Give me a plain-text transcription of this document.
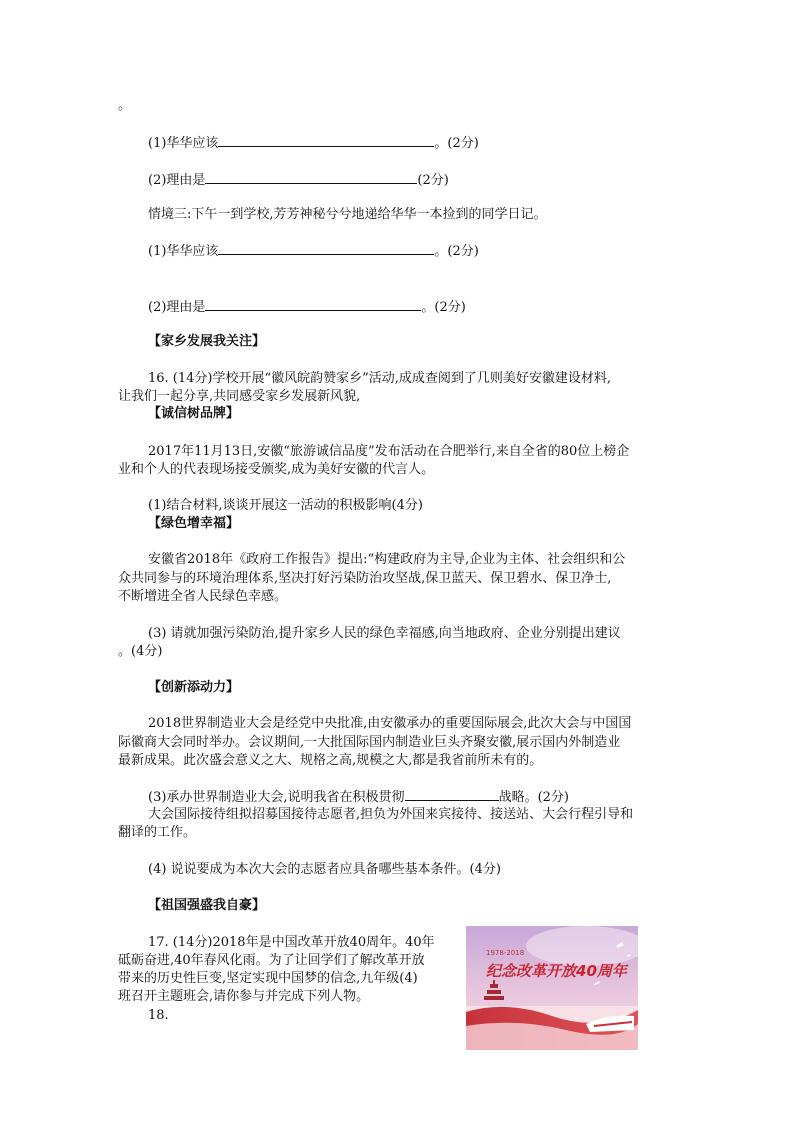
。
(1)华华应该	。(2分)
(2)理由是	(2分)
情境三:下午一到学校,芳芳神秘兮兮地递给华华一本捡到的同学日记。
(1)华华应该	。(2分)
(2)理由是	。(2分)
【家乡发展我关注】
16. (14分)学校开展“徽风皖韵赞家乡”活动,成成查阅到了几则美好安徽建设材料,
让我们一起分享,共同感受家乡发展新风貌,
【诚信树品牌】
2017年11月13日,安徽“旅游诚信品度”发布活动在合肥举行,来自全省的80位上榜企
业和个人的代表现场接受颁奖,成为美好安徽的代言人。
(1)结合材料,谈谈开展这一活动的积极影响(4分)
【绿色增幸福】
安徽省2018年《政府工作报告》提出:“构建政府为主导,企业为主体、社会组织和公
众共同参与的环境治理体系,坚决打好污染防治攻坚战,保卫蓝天、保卫碧水、保卫净士,
不断增进全省人民绿色幸感。
(3) 请就加强污染防治,提升家乡人民的绿色幸福感,向当地政府、企业分别提出建议
。(4分)
【创新添动力】
2018世界制造业大会是经党中央批准,由安徽承办的重要国际展会,此次大会与中国国
际徽商大会同时举办。会议期间,一大批国际国内制造业巨头齐聚安徽,展示国内外制造业
最新成果。此次盛会意义之大、规格之高,规模之大,都是我省前所未有的。
(3)承办世界制造业大会,说明我省在积极贯彻	战略。(2分)
大会国际接待组拟招募国接待志愿者,担负为外国来宾接待、接送站、大会行程引导和
翻译的工作。
(4) 说说要成为本次大会的志愿者应具备哪些基本条件。(4分)
【祖国强盛我自豪】
17. (14分)2018年是中国改革开放40周年。40年
砥砺奋进,40年春风化雨。为了让回学们了解改革开放
带来的历史性巨变,坚定实现中国梦的信念,九年级(4)
班召开主题班会,请你参与并完成下列人物。
18.
1978-2018
纪念改革开放40周年
